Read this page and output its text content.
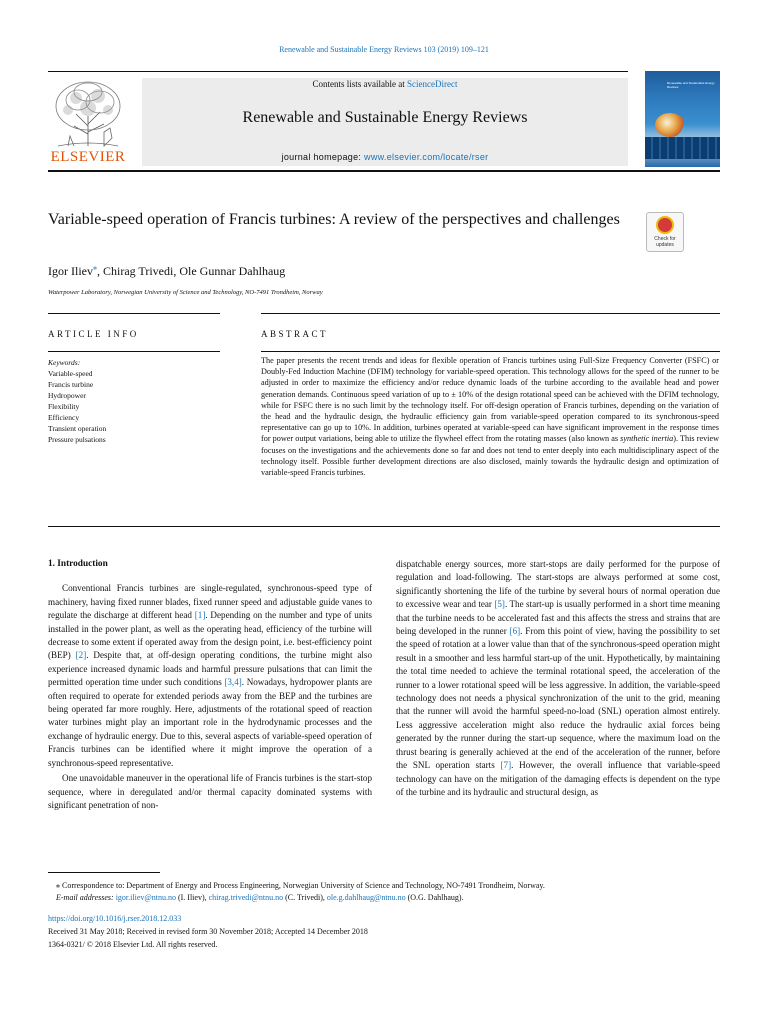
Renewable and Sustainable Energy Reviews 103 (2019) 109–121
ELSEVIER
Contents lists available at ScienceDirect
Renewable and Sustainable Energy Reviews
journal homepage: www.elsevier.com/locate/rser
Renewable and Sustainable Energy Reviews
Variable-speed operation of Francis turbines: A review of the perspectives and challenges
Check for
updates
Igor Iliev⁎, Chirag Trivedi, Ole Gunnar Dahlhaug
Waterpower Laboratory, Norwegian University of Science and Technology, NO-7491 Trondheim, Norway
ARTICLE INFO	ABSTRACT
Keywords:
Variable-speed
Francis turbine
Hydropower
Flexibility
Efficiency
Transient operation
Pressure pulsations
The paper presents the recent trends and ideas for flexible operation of Francis turbines using Full-Size Frequency Converter (FSFC) or Doubly-Fed Induction Machine (DFIM) technology for variable-speed operation. This technology allows for the speed of the runner to be adjusted in order to maximize the efficiency and/or reduce dynamic loads of the turbine according to the available head and power generation demands. Continuous speed variation of up to ± 10% of the design rotational speed can be achieved with the DFIM technology, while for FSFC there is no such limit by the technology itself. For off-design operation of Francis turbines, depending on the variation of the head and the hydraulic design, the hydraulic efficiency gain from variable-speed operation compared to its synchronous-speed representative can go up to 10%. In addition, turbines operated at variable-speed can have significant improvement in the response times for power output variations, being able to utilize the flywheel effect from the rotating masses (also known as synthetic inertia). This review focuses on the investigations and the achievements done so far and does not tend to enter deeply into each multidisciplinary aspect of the technology itself. Possible further development directions are also disclosed, mainly towards the hydraulic design and optimization of variable-speed Francis turbines.

1. Introduction

Conventional Francis turbines are single-regulated, synchronous-speed type of machinery, having fixed runner blades, fixed runner speed and adjustable guide vanes to regulate the discharge at different head [1]. Depending on the number and type of units installed in the power plant, as well as the operating head, efficiency of the turbine will decrease to some extent if operated away from the design point, i.e. best-efficiency point (BEP) [2]. Despite that, at off-design operating conditions, the turbine might also experience increased dynamic loads and harmful pressure pulsations that can limit the permitted operation time under such conditions [3,4]. Nowadays, hydropower plants are often required to operate for extended periods away from the BEP and the turbines are being operated far more roughly. Here, adjustments of the rotational speed of reaction water turbines might play an important role in the hydrodynamic processes and the exchange of hydraulic energy. Due to this, several aspects of variable-speed operation of Francis turbines can be identified where it might improve the operation of a synchronous-speed representative.

One unavoidable maneuver in the operational life of Francis turbines is the start-stop sequence, where in deregulated and/or thermal capacity dominated systems with significant penetration of non-

dispatchable energy sources, more start-stops are daily performed for the purpose of regulation and load-following. The start-stops are always performed at some cost, significantly shortening the life of the turbine by several hours of normal operation due to excessive wear and tear [5]. The start-up is usually performed in a short time meaning that the turbine needs to be accelerated fast and this affects the stress and strains that are being developed in the runner [6]. From this point of view, having the possibility to set the speed of rotation at a lower value than that of the synchronous-speed operation might result in a smoother and less harmful start-up of the unit. Hypothetically, by maintaining the total time needed to achieve the terminal rotational speed, the acceleration of the runner to a lower rotational speed will be less aggressive. In addition, the variable-speed technology does not needs a physical synchronization of the unit to the grid, meaning that the runner will avoid the harmful speed-no-load (SNL) operation almost entirely. Less aggressive acceleration might also reduce the hydraulic axial forces being generated by the runner during the start-up sequence, where the maximum load on the thrust bearing is generally achieved at the end of the acceleration of the runner, before the SNL operation starts [7]. However, the overall influence that variable-speed technology can have on the mitigation of the damaging effects is dependent on the type of the turbine and its hydraulic and structural design, as

⁎ Correspondence to: Department of Energy and Process Engineering, Norwegian University of Science and Technology, NO-7491 Trondheim, Norway.
E-mail addresses: igor.iliev@ntnu.no (I. Iliev), chirag.trivedi@ntnu.no (C. Trivedi), ole.g.dahlhaug@ntnu.no (O.G. Dahlhaug).
https://doi.org/10.1016/j.rser.2018.12.033
Received 31 May 2018; Received in revised form 30 November 2018; Accepted 14 December 2018
1364-0321/ © 2018 Elsevier Ltd. All rights reserved.
